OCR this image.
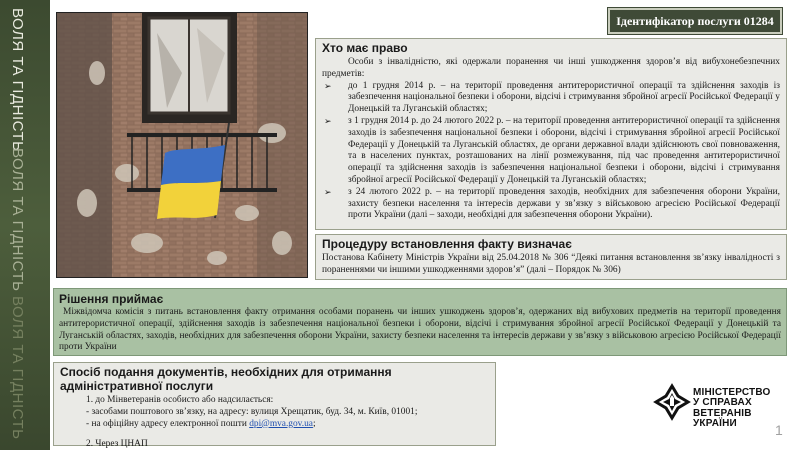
ВОЛЯ ТА ГІДНІСТЬ
ВОЛЯ ТА ГІДНІСТЬ
ВОЛЯ ТА ГІДНІСТЬ
Ідентифікатор послуги 01284
Хто має право

Особи з інвалідністю, які одержали поранення чи інші ушкодження здоров’я від вибухонебезпечних предметів:

➢ до 1 грудня 2014 р. – на території проведення антитерористичної операції та здійснення заходів із забезпечення національної безпеки і оборони, відсічі і стримування збройної агресії Російської Федерації у Донецькій та Луганській областях;
➢ з 1 грудня 2014 р. до 24 лютого 2022 р. – на території проведення антитерористичної операції та здійснення заходів із забезпечення національної безпеки і оборони, відсічі і стримування збройної агресії Російської Федерації у Донецькій та Луганській областях, де органи державної влади здійснюють свої повноваження, та в населених пунктах, розташованих на лінії розмежування, під час проведення антитерористичної операції та здійснення заходів із забезпечення національної безпеки і оборони, відсічі і стримування збройної агресії Російської Федерації у Донецькій та Луганській областях;
➢ з 24 лютого 2022 р. – на території проведення заходів, необхідних для забезпечення оборони України, захисту безпеки населення та інтересів держави у зв’язку з військовою агресією Російської Федерації проти України (далі – заходи, необхідні для забезпечення оборони України).
Процедуру встановлення факту визначає
Постанова Кабінету Міністрів України від 25.04.2018 № 306 “Деякі питання встановлення зв’язку інвалідності з пораненнями чи іншими ушкодженнями здоров’я” (далі – Порядок № 306)
Рішення приймає
Міжвідомча комісія з питань встановлення факту отримання особами поранень чи інших ушкоджень здоров’я, одержаних від вибухових предметів на території проведення антитерористичної операції, здійснення заходів із забезпечення національної безпеки і оборони, відсічі і стримування збройної агресії Російської Федерації у Донецькій та Луганській областях, заходів, необхідних для забезпечення оборони України, захисту безпеки населення та інтересів держави у зв’язку з військовою агресією Російської Федерації проти України
Спосіб подання документів, необхідних для отримання адміністративної послуги

1. до Мінветеранів особисто або надсилається:

- засобами поштового зв’язку, на адресу: вулиця Хрещатик, буд. 34, м. Київ, 01001;

- на офіційну адресу електронної пошти dpi@mva.gov.ua;

2. Через ЦНАП

МІНІСТЕРСТВО
У СПРАВАХ
ВЕТЕРАНІВ
УКРАЇНИ	1
